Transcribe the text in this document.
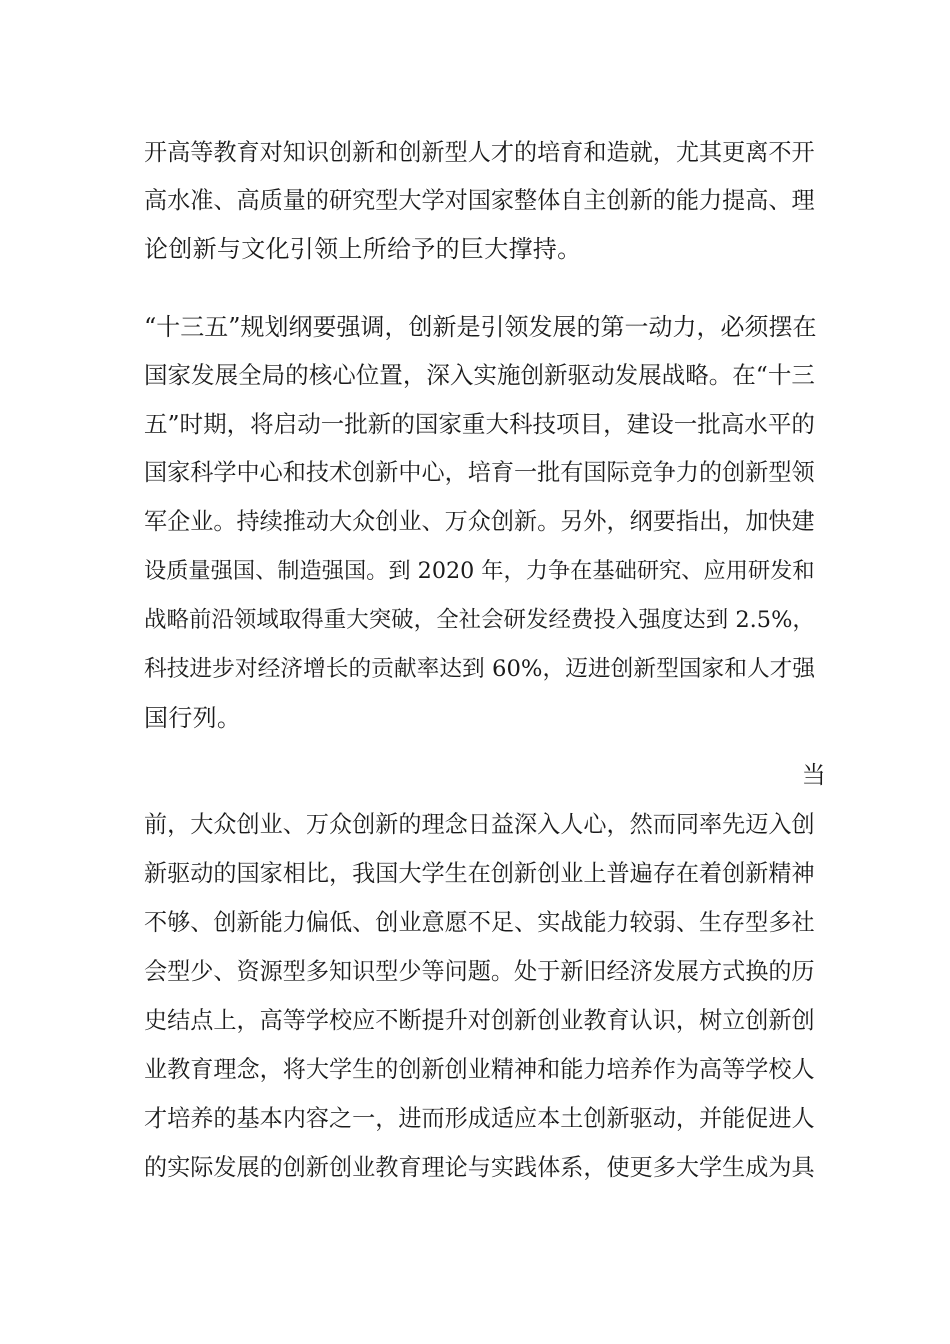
开高等教育对知识创新和创新型人才的培育和造就，尤其更离不开
高水准、高质量的研究型大学对国家整体自主创新的能力提高、理
论创新与文化引领上所给予的巨大撑持。
“十三五”规划纲要强调，创新是引领发展的第一动力，必须摆在
国家发展全局的核心位置，深入实施创新驱动发展战略。在“十三
五”时期，将启动一批新的国家重大科技项目，建设一批高水平的
国家科学中心和技术创新中心，培育一批有国际竞争力的创新型领
军企业。持续推动大众创业、万众创新。另外，纲要指出，加快建
设质量强国、制造强国。到 2020 年，力争在基础研究、应用研发和
战略前沿领域取得重大突破，全社会研发经费投入强度达到 2.5%，
科技进步对经济增长的贡献率达到 60%，迈进创新型国家和人才强
国行列。
当
前，大众创业、万众创新的理念日益深入人心，然而同率先迈入创
新驱动的国家相比，我国大学生在创新创业上普遍存在着创新精神
不够、创新能力偏低、创业意愿不足、实战能力较弱、生存型多社
会型少、资源型多知识型少等问题。处于新旧经济发展方式换的历
史结点上，高等学校应不断提升对创新创业教育认识，树立创新创
业教育理念，将大学生的创新创业精神和能力培养作为高等学校人
才培养的基本内容之一，进而形成适应本土创新驱动，并能促进人
的实际发展的创新创业教育理论与实践体系，使更多大学生成为具
